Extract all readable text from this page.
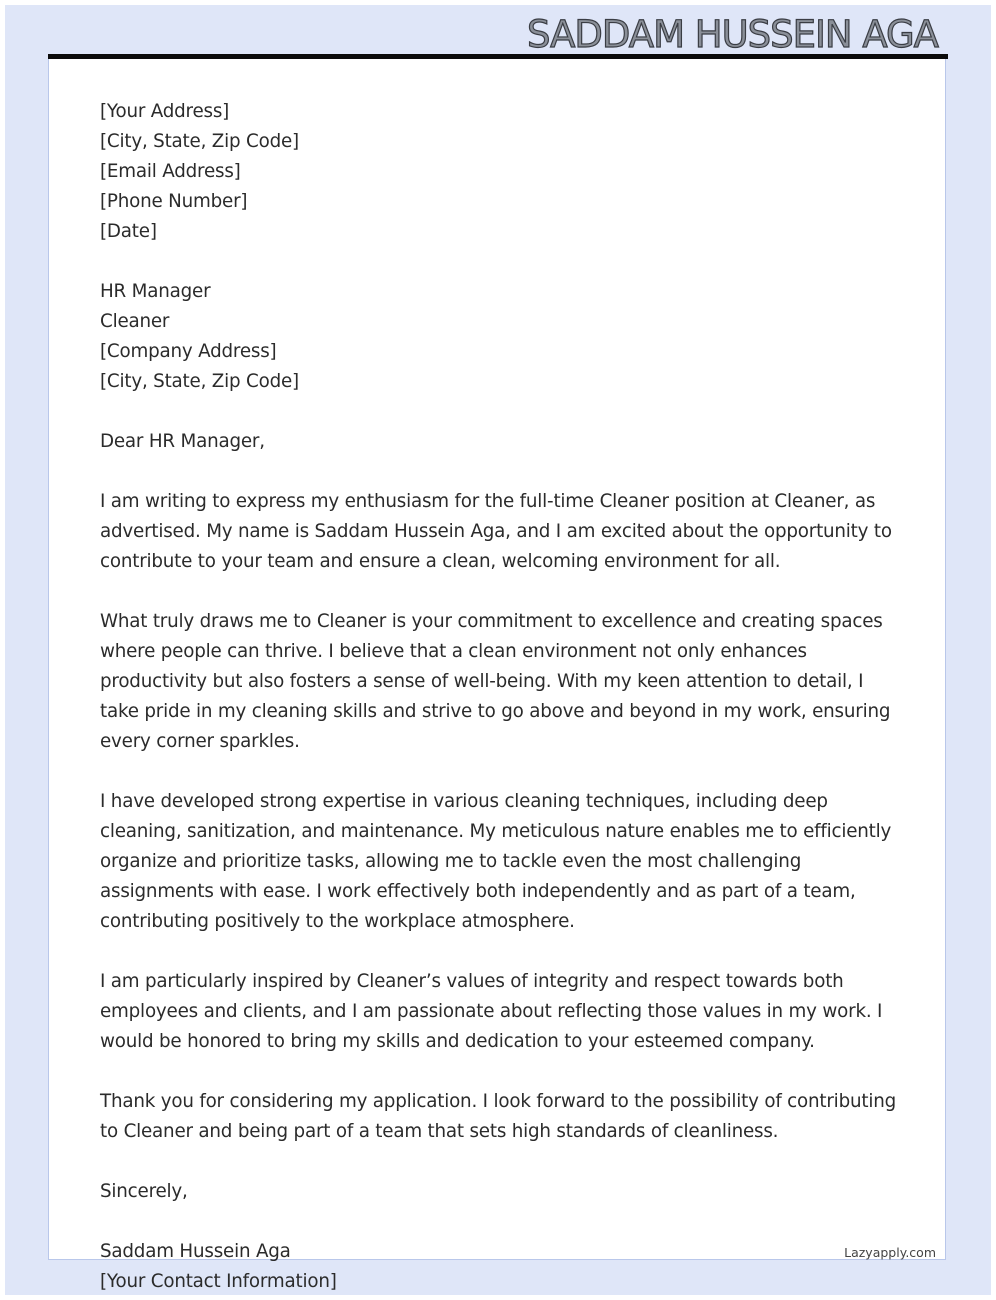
SADDAM HUSSEIN AGA
[Your Address]
[City, State, Zip Code]
[Email Address]
[Phone Number]
[Date]
HR Manager
Cleaner
[Company Address]
[City, State, Zip Code]
Dear HR Manager,
I am writing to express my enthusiasm for the full-time Cleaner position at Cleaner, as advertised. My name is Saddam Hussein Aga, and I am excited about the opportunity to contribute to your team and ensure a clean, welcoming environment for all.
What truly draws me to Cleaner is your commitment to excellence and creating spaces where people can thrive. I believe that a clean environment not only enhances productivity but also fosters a sense of well-being. With my keen attention to detail, I take pride in my cleaning skills and strive to go above and beyond in my work, ensuring every corner sparkles.
I have developed strong expertise in various cleaning techniques, including deep cleaning, sanitization, and maintenance. My meticulous nature enables me to efficiently organize and prioritize tasks, allowing me to tackle even the most challenging assignments with ease. I work effectively both independently and as part of a team, contributing positively to the workplace atmosphere.
I am particularly inspired by Cleaner’s values of integrity and respect towards both employees and clients, and I am passionate about reflecting those values in my work. I would be honored to bring my skills and dedication to your esteemed company.
Thank you for considering my application. I look forward to the possibility of contributing to Cleaner and being part of a team that sets high standards of cleanliness.
Sincerely,
Saddam Hussein Aga
[Your Contact Information]
Lazyapply.com
